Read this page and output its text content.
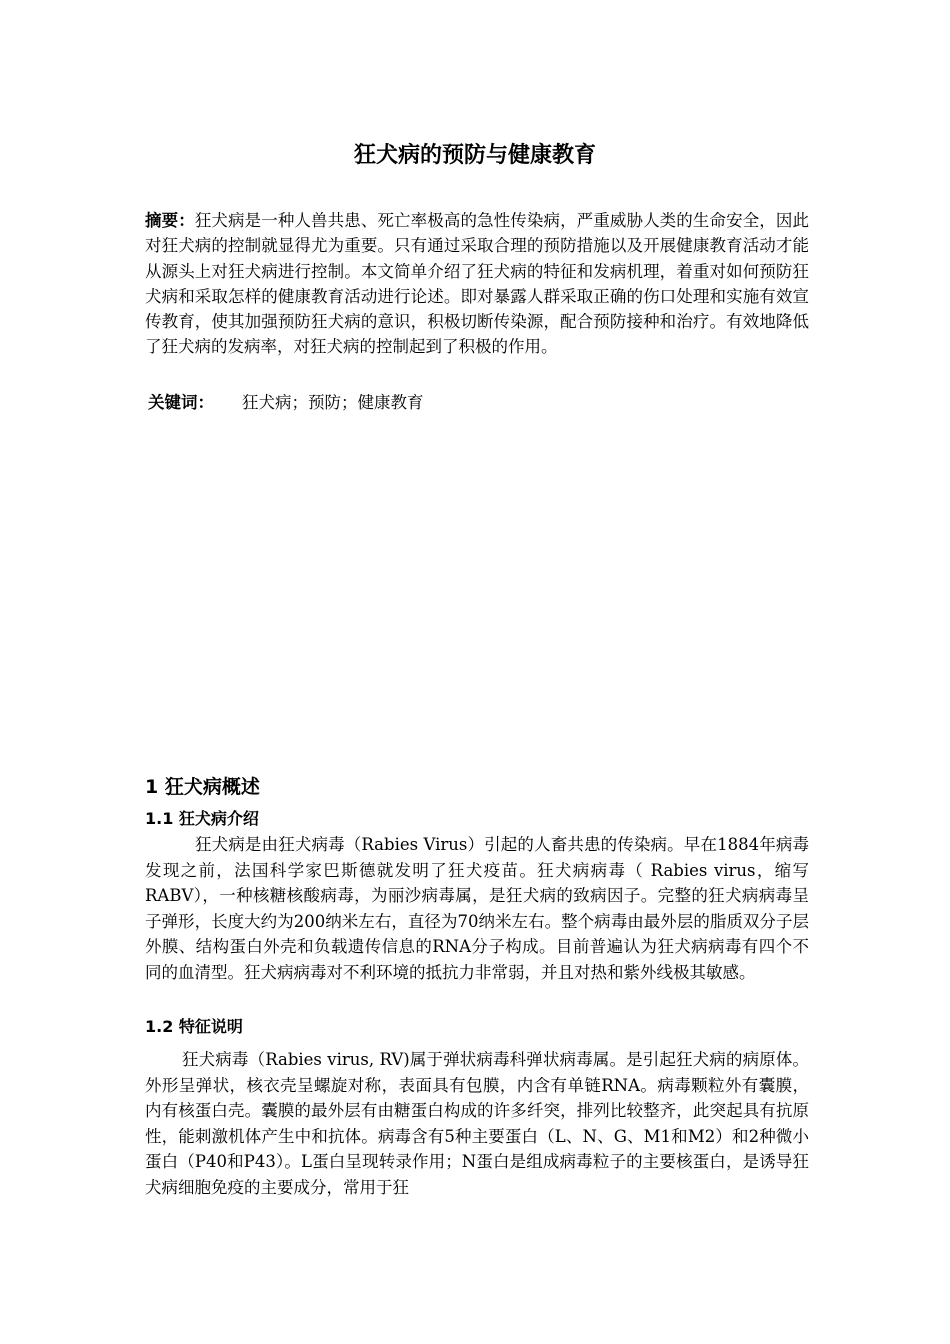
狂犬病的预防与健康教育

摘要：狂犬病是一种人兽共患、死亡率极高的急性传染病，严重威胁人类的生命安全，因此对狂犬病的控制就显得尤为重要。只有通过采取合理的预防措施以及开展健康教育活动才能从源头上对狂犬病进行控制。本文简单介绍了狂犬病的特征和发病机理，着重对如何预防狂犬病和采取怎样的健康教育活动进行论述。即对暴露人群采取正确的伤口处理和实施有效宣传教育，使其加强预防狂犬病的意识，积极切断传染源，配合预防接种和治疗。有效地降低了狂犬病的发病率，对狂犬病的控制起到了积极的作用。

关键词： 狂犬病；预防；健康教育
1 狂犬病概述
1.1 狂犬病介绍

狂犬病是由狂犬病毒（Rabies Virus）引起的人畜共患的传染病。早在1884年病毒发现之前，法国科学家巴斯德就发明了狂犬疫苗。狂犬病病毒（ Rabies virus，缩写RABV），一种核糖核酸病毒，为丽沙病毒属，是狂犬病的致病因子。完整的狂犬病病毒呈子弹形，长度大约为200纳米左右，直径为70纳米左右。整个病毒由最外层的脂质双分子层外膜、结构蛋白外壳和负载遗传信息的RNA分子构成。目前普遍认为狂犬病病毒有四个不同的血清型。狂犬病病毒对不利环境的抵抗力非常弱，并且对热和紫外线极其敏感。

1.2 特征说明

狂犬病毒（Rabies virus, RV)属于弹状病毒科弹状病毒属。是引起狂犬病的病原体。外形呈弹状，核衣壳呈螺旋对称，表面具有包膜，内含有单链RNA。病毒颗粒外有囊膜，内有核蛋白壳。囊膜的最外层有由糖蛋白构成的许多纤突，排列比较整齐，此突起具有抗原性，能刺激机体产生中和抗体。病毒含有5种主要蛋白（L、N、G、M1和M2）和2种微小蛋白（P40和P43）。L蛋白呈现转录作用；N蛋白是组成病毒粒子的主要核蛋白，是诱导狂犬病细胞免疫的主要成分，常用于狂
